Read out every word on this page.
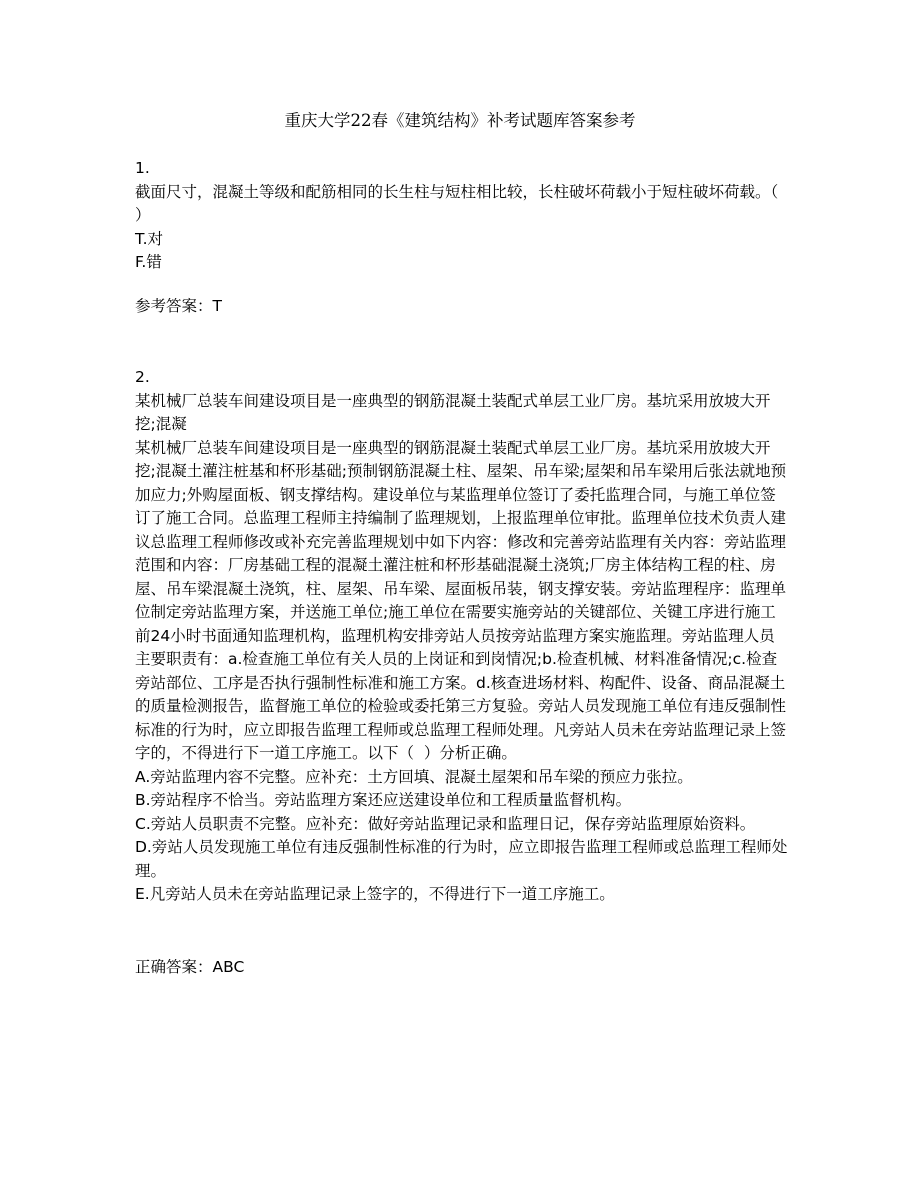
重庆大学22春《建筑结构》补考试题库答案参考
1.
截面尺寸，混凝土等级和配筋相同的长生柱与短柱相比较，长柱破坏荷载小于短柱破坏荷载。（  ）
T.对
F.错
参考答案：T
2.
某机械厂总装车间建设项目是一座典型的钢筋混凝土装配式单层工业厂房。基坑采用放坡大开挖;混凝
某机械厂总装车间建设项目是一座典型的钢筋混凝土装配式单层工业厂房。基坑采用放坡大开挖;混凝土灌注桩基和杯形基础;预制钢筋混凝土柱、屋架、吊车梁;屋架和吊车梁用后张法就地预加应力;外购屋面板、钢支撑结构。建设单位与某监理单位签订了委托监理合同，与施工单位签订了施工合同。总监理工程师主持编制了监理规划，上报监理单位审批。监理单位技术负责人建议总监理工程师修改或补充完善监理规划中如下内容：修改和完善旁站监理有关内容：旁站监理范围和内容：厂房基础工程的混凝土灌注桩和杯形基础混凝土浇筑;厂房主体结构工程的柱、房屋、吊车梁混凝土浇筑，柱、屋架、吊车梁、屋面板吊装，钢支撑安装。旁站监理程序：监理单位制定旁站监理方案，并送施工单位;施工单位在需要实施旁站的关键部位、关键工序进行施工前24小时书面通知监理机构，监理机构安排旁站人员按旁站监理方案实施监理。旁站监理人员主要职责有：a.检查施工单位有关人员的上岗证和到岗情况;b.检查机械、材料准备情况;c.检查旁站部位、工序是否执行强制性标准和施工方案。d.核查进场材料、构配件、设备、商品混凝土的质量检测报告，监督施工单位的检验或委托第三方复验。旁站人员发现施工单位有违反强制性标准的行为时，应立即报告监理工程师或总监理工程师处理。凡旁站人员未在旁站监理记录上签字的，不得进行下一道工序施工。以下（  ）分析正确。
A.旁站监理内容不完整。应补充：土方回填、混凝土屋架和吊车梁的预应力张拉。
B.旁站程序不恰当。旁站监理方案还应送建设单位和工程质量监督机构。
C.旁站人员职责不完整。应补充：做好旁站监理记录和监理日记，保存旁站监理原始资料。
D.旁站人员发现施工单位有违反强制性标准的行为时，应立即报告监理工程师或总监理工程师处理。
E.凡旁站人员未在旁站监理记录上签字的，不得进行下一道工序施工。
正确答案：ABC
